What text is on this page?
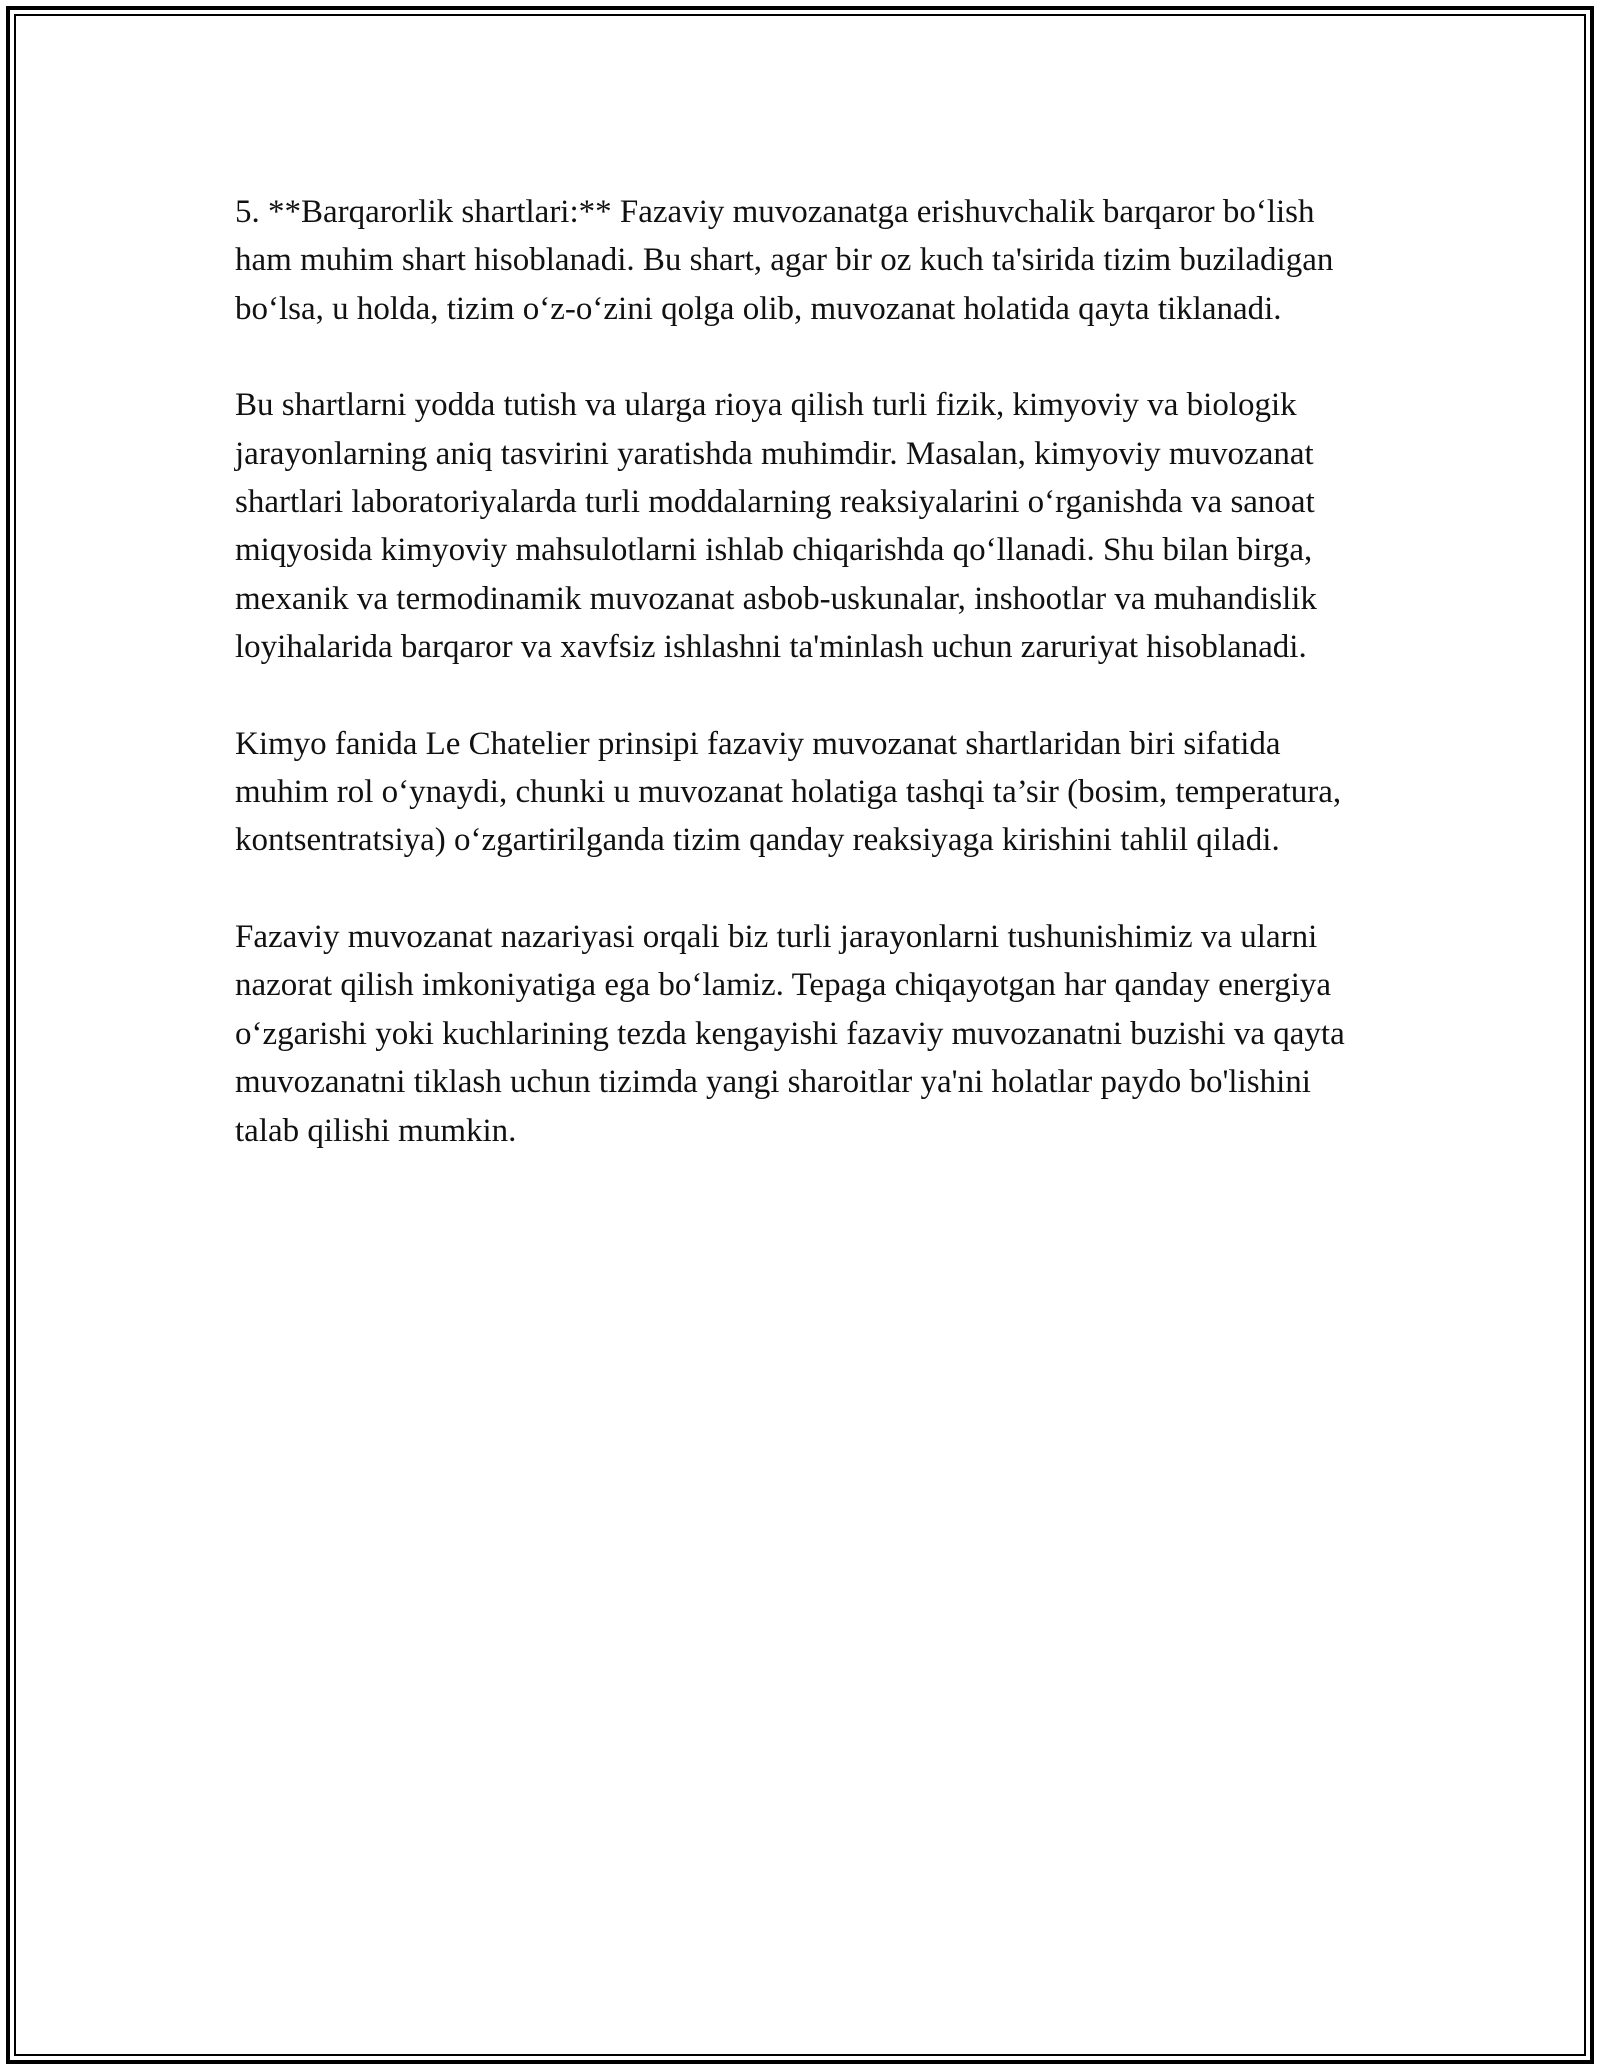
5. **Barqarorlik shartlari:** Fazaviy muvozanatga erishuvchalik barqaror bo‘lish ham muhim shart hisoblanadi. Bu shart, agar bir oz kuch ta'sirida tizim buziladigan bo‘lsa, u holda, tizim o‘z-o‘zini qolga olib, muvozanat holatida qayta tiklanadi.

Bu shartlarni yodda tutish va ularga rioya qilish turli fizik, kimyoviy va biologik jarayonlarning aniq tasvirini yaratishda muhimdir. Masalan, kimyoviy muvozanat shartlari laboratoriyalarda turli moddalarning reaksiyalarini o‘rganishda va sanoat miqyosida kimyoviy mahsulotlarni ishlab chiqarishda qo‘llanadi. Shu bilan birga, mexanik va termodinamik muvozanat asbob-uskunalar, inshootlar va muhandislik loyihalarida barqaror va xavfsiz ishlashni ta'minlash uchun zaruriyat hisoblanadi.

Kimyo fanida Le Chatelier prinsipi fazaviy muvozanat shartlaridan biri sifatida muhim rol o‘ynaydi, chunki u muvozanat holatiga tashqi ta’sir (bosim, temperatura, kontsentratsiya) o‘zgartirilganda tizim qanday reaksiyaga kirishini tahlil qiladi.

Fazaviy muvozanat nazariyasi orqali biz turli jarayonlarni tushunishimiz va ularni nazorat qilish imkoniyatiga ega bo‘lamiz. Tepaga chiqayotgan har qanday energiya o‘zgarishi yoki kuchlarining tezda kengayishi fazaviy muvozanatni buzishi va qayta muvozanatni tiklash uchun tizimda yangi sharoitlar ya'ni holatlar paydo bo'lishini talab qilishi mumkin.
